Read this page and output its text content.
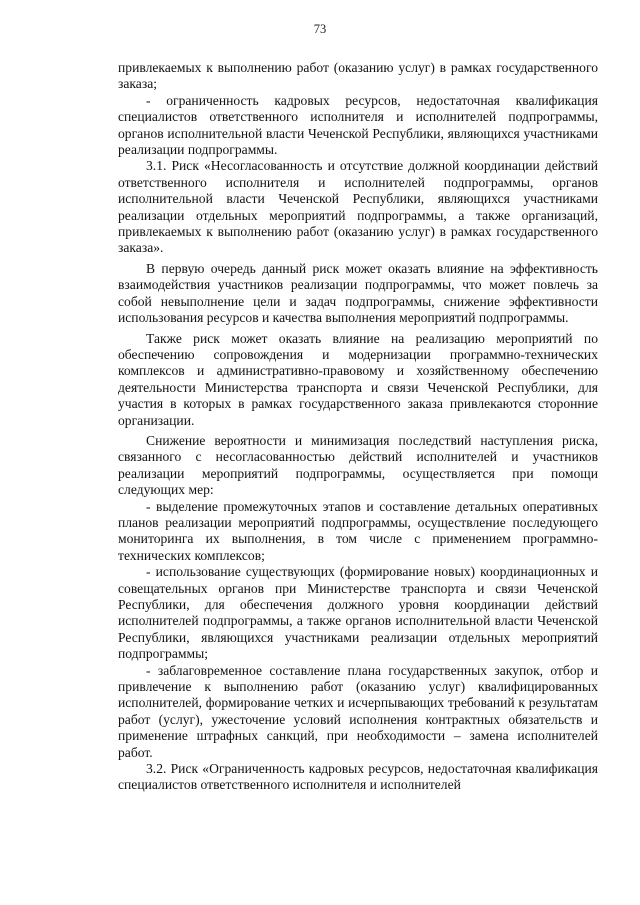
73

привлекаемых к выполнению работ (оказанию услуг) в рамках государственного заказа;

- ограниченность кадровых ресурсов, недостаточная квалификация специалистов ответственного исполнителя и исполнителей подпрограммы, органов исполнительной власти Чеченской Республики, являющихся участниками реализации подпрограммы.

3.1. Риск «Несогласованность и отсутствие должной координации действий ответственного исполнителя и исполнителей подпрограммы, органов исполнительной власти Чеченской Республики, являющихся участниками реализации отдельных мероприятий подпрограммы, а также организаций, привлекаемых к выполнению работ (оказанию услуг) в рамках государственного заказа».

В первую очередь данный риск может оказать влияние на эффективность взаимодействия участников реализации подпрограммы, что может повлечь за собой невыполнение цели и задач подпрограммы, снижение эффективности использования ресурсов и качества выполнения мероприятий подпрограммы.

Также риск может оказать влияние на реализацию мероприятий по обеспечению сопровождения и модернизации программно-технических комплексов и административно-правовому и хозяйственному обеспечению деятельности Министерства транспорта и связи Чеченской Республики, для участия в которых в рамках государственного заказа привлекаются сторонние организации.

Снижение вероятности и минимизация последствий наступления риска, связанного с несогласованностью действий исполнителей и участников реализации мероприятий подпрограммы, осуществляется при помощи следующих мер:

- выделение промежуточных этапов и составление детальных оперативных планов реализации мероприятий подпрограммы, осуществление последующего мониторинга их выполнения, в том числе с применением программно-технических комплексов;

- использование существующих (формирование новых) координационных и совещательных органов при Министерстве транспорта и связи Чеченской Республики, для обеспечения должного уровня координации действий исполнителей подпрограммы, а также органов исполнительной власти Чеченской Республики, являющихся участниками реализации отдельных мероприятий подпрограммы;

- заблаговременное составление плана государственных закупок, отбор и привлечение к выполнению работ (оказанию услуг) квалифицированных исполнителей, формирование четких и исчерпывающих требований к результатам работ (услуг), ужесточение условий исполнения контрактных обязательств и применение штрафных санкций, при необходимости – замена исполнителей работ.

3.2. Риск «Ограниченность кадровых ресурсов, недостаточная квалификация специалистов ответственного исполнителя и исполнителей
